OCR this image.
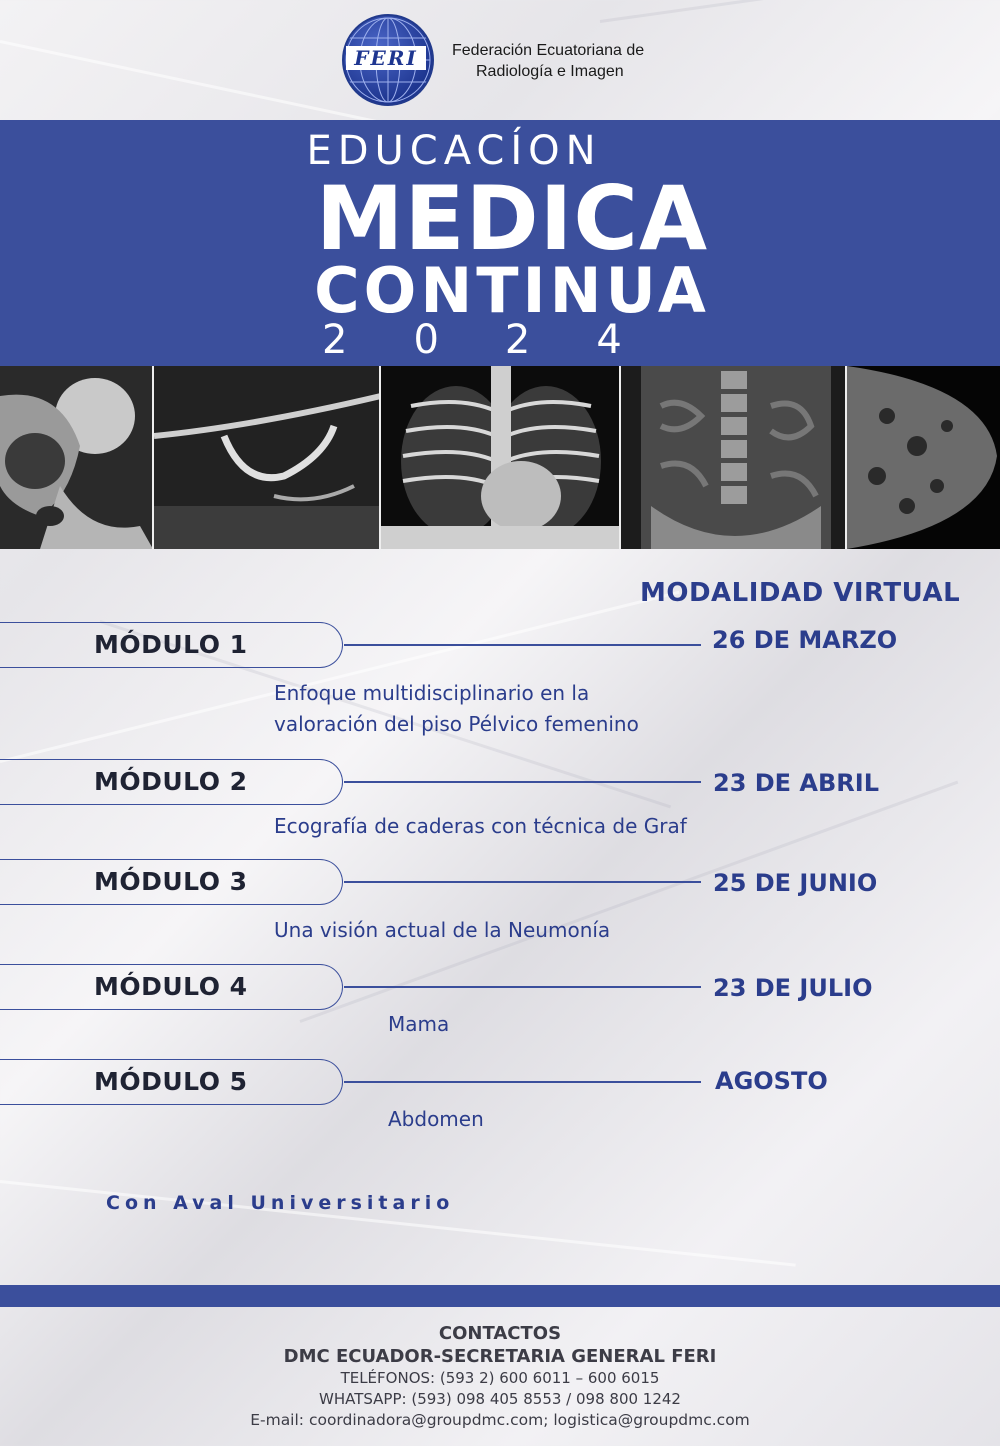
FERI	Federación Ecuatoriana de
Radiología e Imagen
EDUCACÍON
MEDICA
CONTINUA
2024
MODALIDAD VIRTUAL
MÓDULO 1	26 DE MARZO
Enfoque multidisciplinario en la
valoración del piso Pélvico femenino
MÓDULO 2	23 DE ABRIL
Ecografía de caderas con técnica de Graf
MÓDULO 3	25 DE JUNIO
Una visión actual de la Neumonía
MÓDULO 4	23 DE JULIO
Mama
MÓDULO 5	AGOSTO
Abdomen
Con Aval Universitario
CONTACTOS
DMC ECUADOR-SECRETARIA GENERAL FERI
TELÉFONOS: (593 2) 600 6011 – 600 6015
WHATSAPP: (593) 098 405 8553 / 098 800 1242
E-mail: coordinadora@groupdmc.com; logistica@groupdmc.com
